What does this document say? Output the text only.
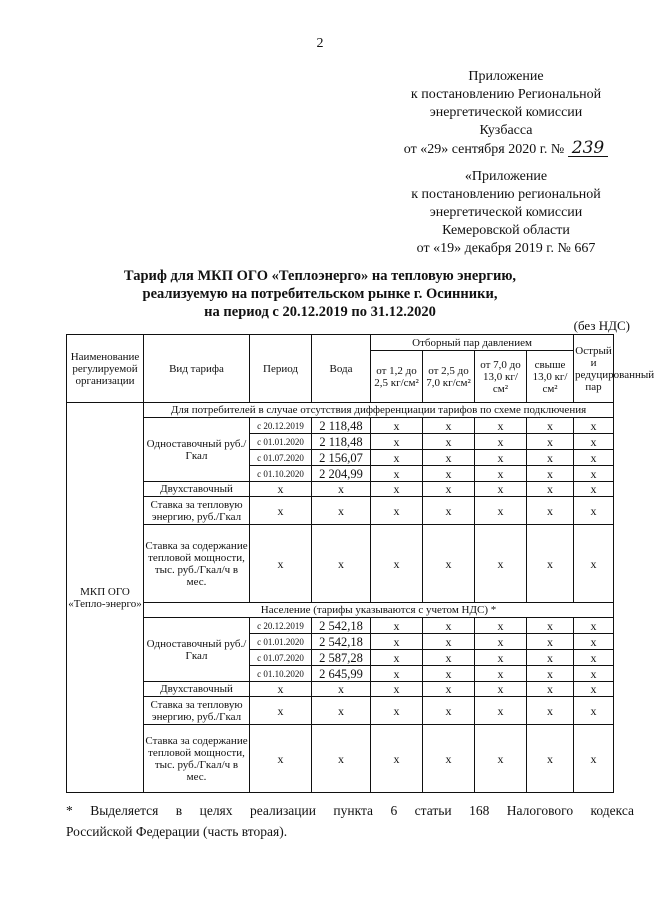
2
Приложение
к постановлению Региональной
энергетической комиссии
Кузбасса
от «29» сентября 2020 г. № 239
«Приложение
к постановлению региональной
энергетической комиссии
Кемеровской области
от «19» декабря 2019 г. № 667
Тариф для МКП ОГО «Теплоэнерго» на тепловую энергию,
реализуемую на потребительском рынке г. Осинники,
на период с 20.12.2019 по 31.12.2020
(без НДС)
Наименование регулируемой организации	Вид тарифа	Период	Вода	Отборный пар давлением				Острый и редуцированный пар
				от 1,2 до 2,5 кг/см²	от 2,5 до 7,0 кг/см²	от 7,0 до 13,0 кг/см²	свыше 13,0 кг/см²	
МКП ОГО «Тепло-энерго»	Для потребителей в случае отсутствия дифференциации тарифов по схеме подключения							
	Одноставочный руб./Гкал	с 20.12.2019	2 118,48	x	x	x	x	x
		с 01.01.2020	2 118,48	x	x	x	x	x
		с 01.07.2020	2 156,07	x	x	x	x	x
		с 01.10.2020	2 204,99	x	x	x	x	x
	Двухставочный	x	x	x	x	x	x	x
	Ставка за тепловую энергию, руб./Гкал	x	x	x	x	x	x	x
	Ставка за содержание тепловой мощности, тыс. руб./Гкал/ч в мес.	x	x	x	x	x	x	x
	Население (тарифы указываются с учетом НДС) *							
	Одноставочный руб./Гкал	с 20.12.2019	2 542,18	x	x	x	x	x
		с 01.01.2020	2 542,18	x	x	x	x	x
		с 01.07.2020	2 587,28	x	x	x	x	x
		с 01.10.2020	2 645,99	x	x	x	x	x
	Двухставочный	x	x	x	x	x	x	x
	Ставка за тепловую энергию, руб./Гкал	x	x	x	x	x	x	x
	Ставка за содержание тепловой мощности, тыс. руб./Гкал/ч в мес.	x	x	x	x	x	x	x
* Выделяется в целях реализации пункта 6 статьи 168 Налогового кодекса
Российской Федерации (часть вторая).
